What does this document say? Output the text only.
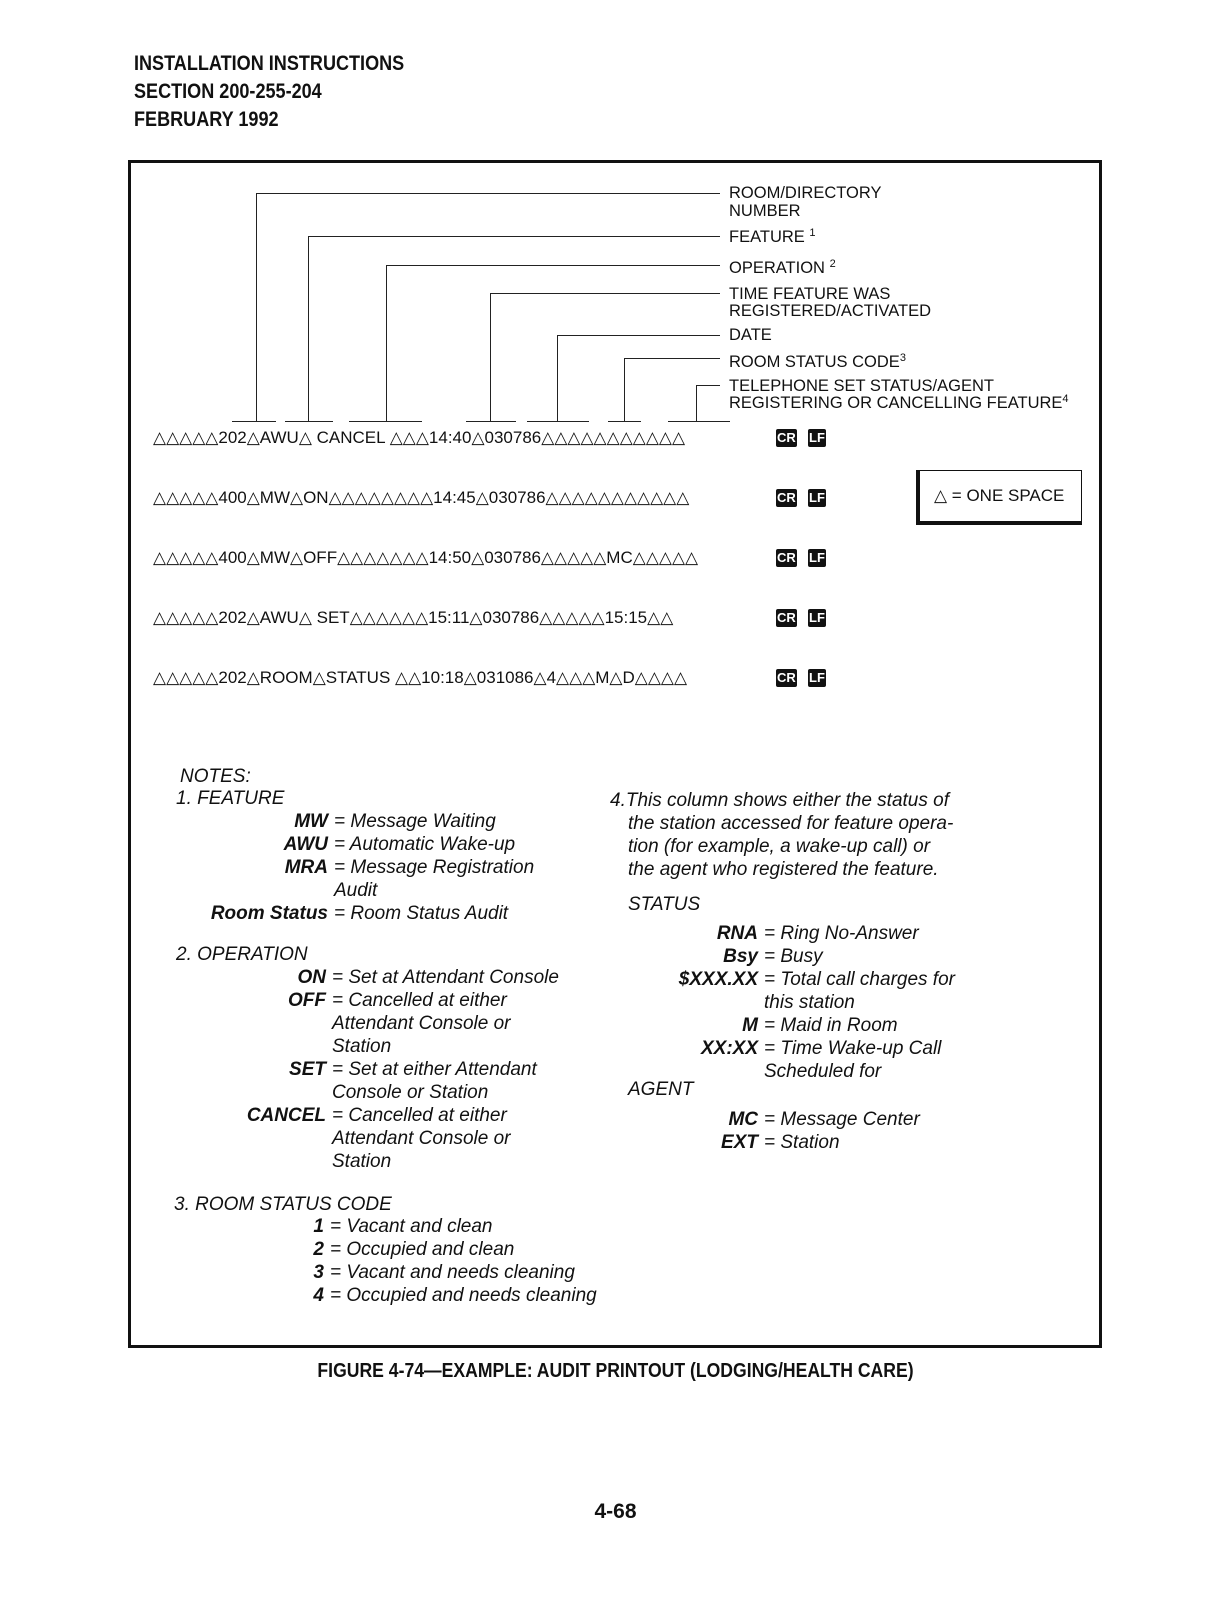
INSTALLATION INSTRUCTIONS
SECTION 200-255-204
FEBRUARY 1992
ROOM/DIRECTORY
NUMBER
FEATURE $^1$
OPERATION $^2$
TIME FEATURE WAS
REGISTERED/ACTIVATED
DATE
ROOM STATUS CODE$^3$
TELEPHONE SET STATUS/AGENT
REGISTERING OR CANCELLING FEATURE$^4$
△△△△△202△AWU△ CANCEL △△△14:40△030786△△△△△△△△△△△
△△△△△400△MW△ON△△△△△△△△14:45△030786△△△△△△△△△△△
△△△△△400△MW△OFF△△△△△△△14:50△030786△△△△△MC△△△△△
△△△△△202△AWU△ SET△△△△△△15:11△030786△△△△△15:15△△
△△△△△202△ROOM△STATUS △△10:18△031086△4△△△M△D△△△△
CR LF
CR LF
CR LF
CR LF
CR LF
△ = ONE SPACE
NOTES:
1. FEATURE
MW = Message Waiting
AWU = Automatic Wake-up
MRA = Message Registration
Audit
Room Status = Room Status Audit
2. OPERATION
ON = Set at Attendant Console
OFF = Cancelled at either
Attendant Console or
Station
SET = Set at either Attendant
Console or Station
CANCEL = Cancelled at either
Attendant Console or
Station
3. ROOM STATUS CODE
1 = Vacant and clean
2 = Occupied and clean
3 = Vacant and needs cleaning
4 = Occupied and needs cleaning
4.This column shows either the status of
the station accessed for feature opera-
tion (for example, a wake-up call) or
the agent who registered the feature.
STATUS
RNA = Ring No-Answer
Bsy = Busy
$XXX.XX = Total call charges for
this station
M = Maid in Room
XX:XX = Time Wake-up Call
Scheduled for
AGENT
MC = Message Center
EXT = Station
FIGURE 4-74—EXAMPLE: AUDIT PRINTOUT (LODGING/HEALTH CARE)
4-68
